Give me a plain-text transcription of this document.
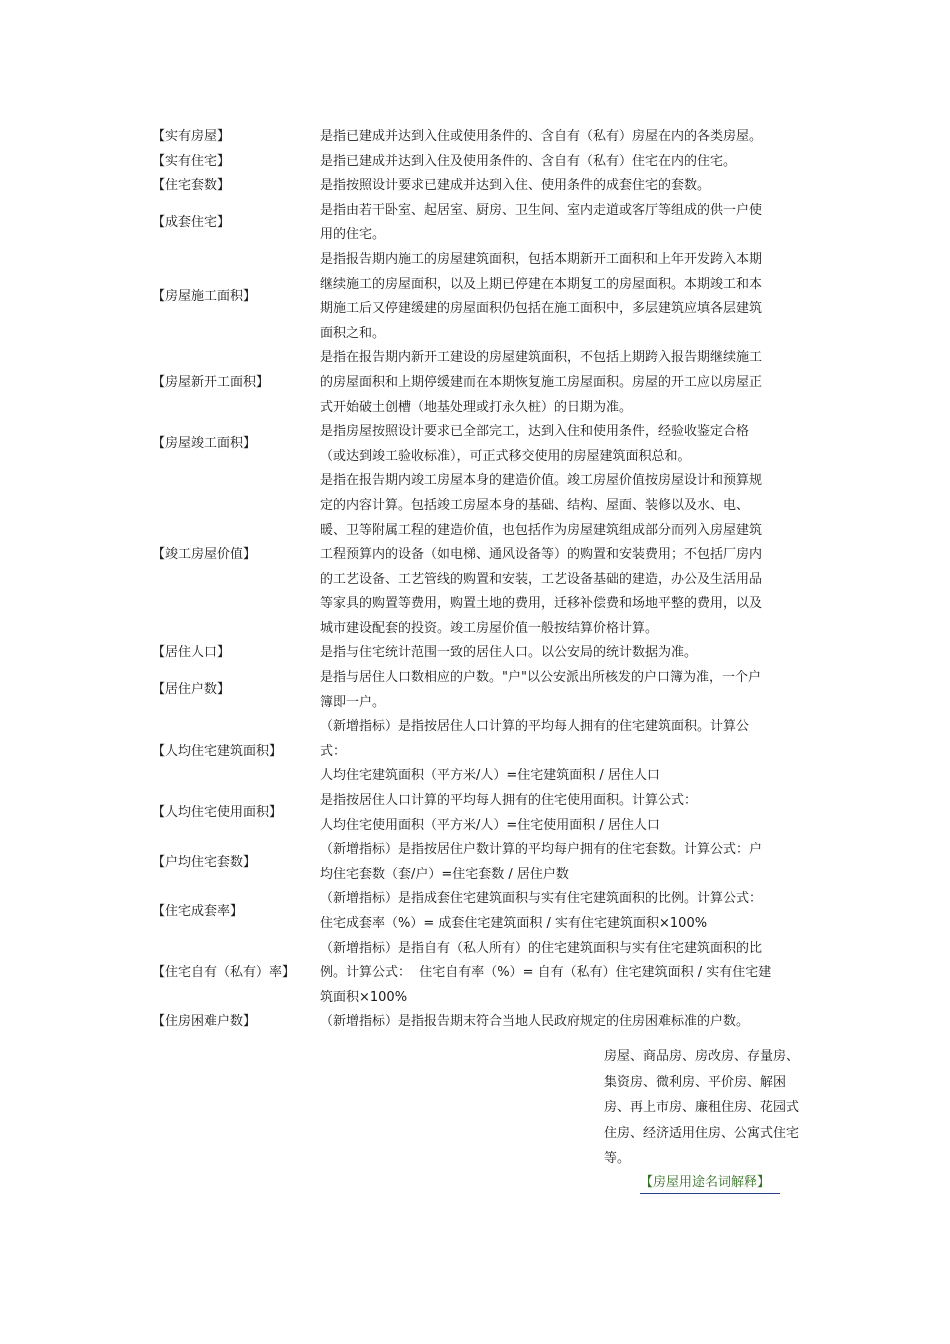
【实有房屋】	是指已建成并达到入住或使用条件的、含自有（私有）房屋在内的各类房屋。
【实有住宅】	是指已建成并达到入住及使用条件的、含自有（私有）住宅在内的住宅。
【住宅套数】	是指按照设计要求已建成并达到入住、使用条件的成套住宅的套数。
【成套住宅】
是指由若干卧室、起居室、厨房、卫生间、室内走道或客厅等组成的供一户使
用的住宅。
【房屋施工面积】
是指报告期内施工的房屋建筑面积，包括本期新开工面积和上年开发跨入本期
继续施工的房屋面积，以及上期已停建在本期复工的房屋面积。本期竣工和本
期施工后又停建缓建的房屋面积仍包括在施工面积中，多层建筑应填各层建筑
面积之和。
【房屋新开工面积】
是指在报告期内新开工建设的房屋建筑面积，不包括上期跨入报告期继续施工
的房屋面积和上期停缓建而在本期恢复施工房屋面积。房屋的开工应以房屋正
式开始破土创槽（地基处理或打永久桩）的日期为准。
【房屋竣工面积】
是指房屋按照设计要求已全部完工，达到入住和使用条件，经验收鉴定合格
（或达到竣工验收标准），可正式移交使用的房屋建筑面积总和。
【竣工房屋价值】
是指在报告期内竣工房屋本身的建造价值。竣工房屋价值按房屋设计和预算规
定的内容计算。包括竣工房屋本身的基础、结构、屋面、装修以及水、电、
暖、卫等附属工程的建造价值，也包括作为房屋建筑组成部分而列入房屋建筑
工程预算内的设备（如电梯、通风设备等）的购置和安装费用；不包括厂房内
的工艺设备、工艺管线的购置和安装，工艺设备基础的建造，办公及生活用品
等家具的购置等费用，购置土地的费用，迁移补偿费和场地平整的费用，以及
城市建设配套的投资。竣工房屋价值一般按结算价格计算。
【居住人口】	是指与住宅统计范围一致的居住人口。以公安局的统计数据为准。
【居住户数】
是指与居住人口数相应的户数。"户"以公安派出所核发的户口簿为准，一个户
簿即一户。
【人均住宅建筑面积】
（新增指标）是指按居住人口计算的平均每人拥有的住宅建筑面积。计算公
式：
人均住宅建筑面积（平方米/人）=住宅建筑面积 / 居住人口
【人均住宅使用面积】
是指按居住人口计算的平均每人拥有的住宅使用面积。计算公式：
人均住宅使用面积（平方米/人）=住宅使用面积 / 居住人口
【户均住宅套数】
（新增指标）是指按居住户数计算的平均每户拥有的住宅套数。计算公式：户
均住宅套数（套/户）=住宅套数 / 居住户数
【住宅成套率】
（新增指标）是指成套住宅建筑面积与实有住宅建筑面积的比例。计算公式：
住宅成套率（%）= 成套住宅建筑面积 / 实有住宅建筑面积×100%
【住宅自有（私有）率】
（新增指标）是指自有（私人所有）的住宅建筑面积与实有住宅建筑面积的比
例。计算公式：  住宅自有率（%）= 自有（私有）住宅建筑面积 / 实有住宅建
筑面积×100%
【住房困难户数】	（新增指标）是指报告期末符合当地人民政府规定的住房困难标准的户数。
房屋、商品房、房改房、存量房、
集资房、微利房、平价房、解困
房、再上市房、廉租住房、花园式
住房、经济适用住房、公寓式住宅
等。
【房屋用途名词解释】
